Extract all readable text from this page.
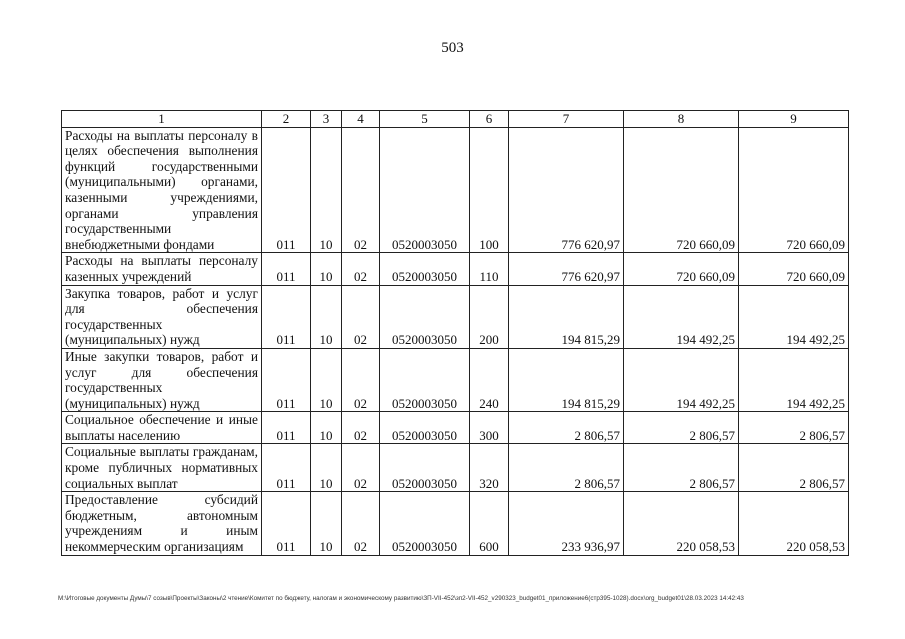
503
1	2	3	4	5	6	7	8	9
Расходы на выплаты персоналу в целях обеспечения выполнения функций государственными (муниципальными) органами, казенными учреждениями, органами управления государственными внебюджетными фондами	011	10	02	0520003050	100	776 620,97	720 660,09	720 660,09
Расходы на выплаты персоналу казенных учреждений	011	10	02	0520003050	110	776 620,97	720 660,09	720 660,09
Закупка товаров, работ и услуг для обеспечения государственных (муниципальных) нужд	011	10	02	0520003050	200	194 815,29	194 492,25	194 492,25
Иные закупки товаров, работ и услуг для обеспечения государственных (муниципальных) нужд	011	10	02	0520003050	240	194 815,29	194 492,25	194 492,25
Социальное обеспечение и иные выплаты населению	011	10	02	0520003050	300	2 806,57	2 806,57	2 806,57
Социальные выплаты гражданам, кроме публичных нормативных социальных выплат	011	10	02	0520003050	320	2 806,57	2 806,57	2 806,57
Предоставление субсидий бюджетным, автономным учреждениям и иным некоммерческим организациям	011	10	02	0520003050	600	233 936,97	220 058,53	220 058,53
M:\Итоговые документы Думы\7 созыв\Проекты\Законы\2 чтение\Комитет по бюджету, налогам и экономическому развитию\ЗП-VII-452\зп2-VII-452_v290323_budget01_приложение6(стр395-1028).docx\org_budget01\28.03.2023 14:42:43
